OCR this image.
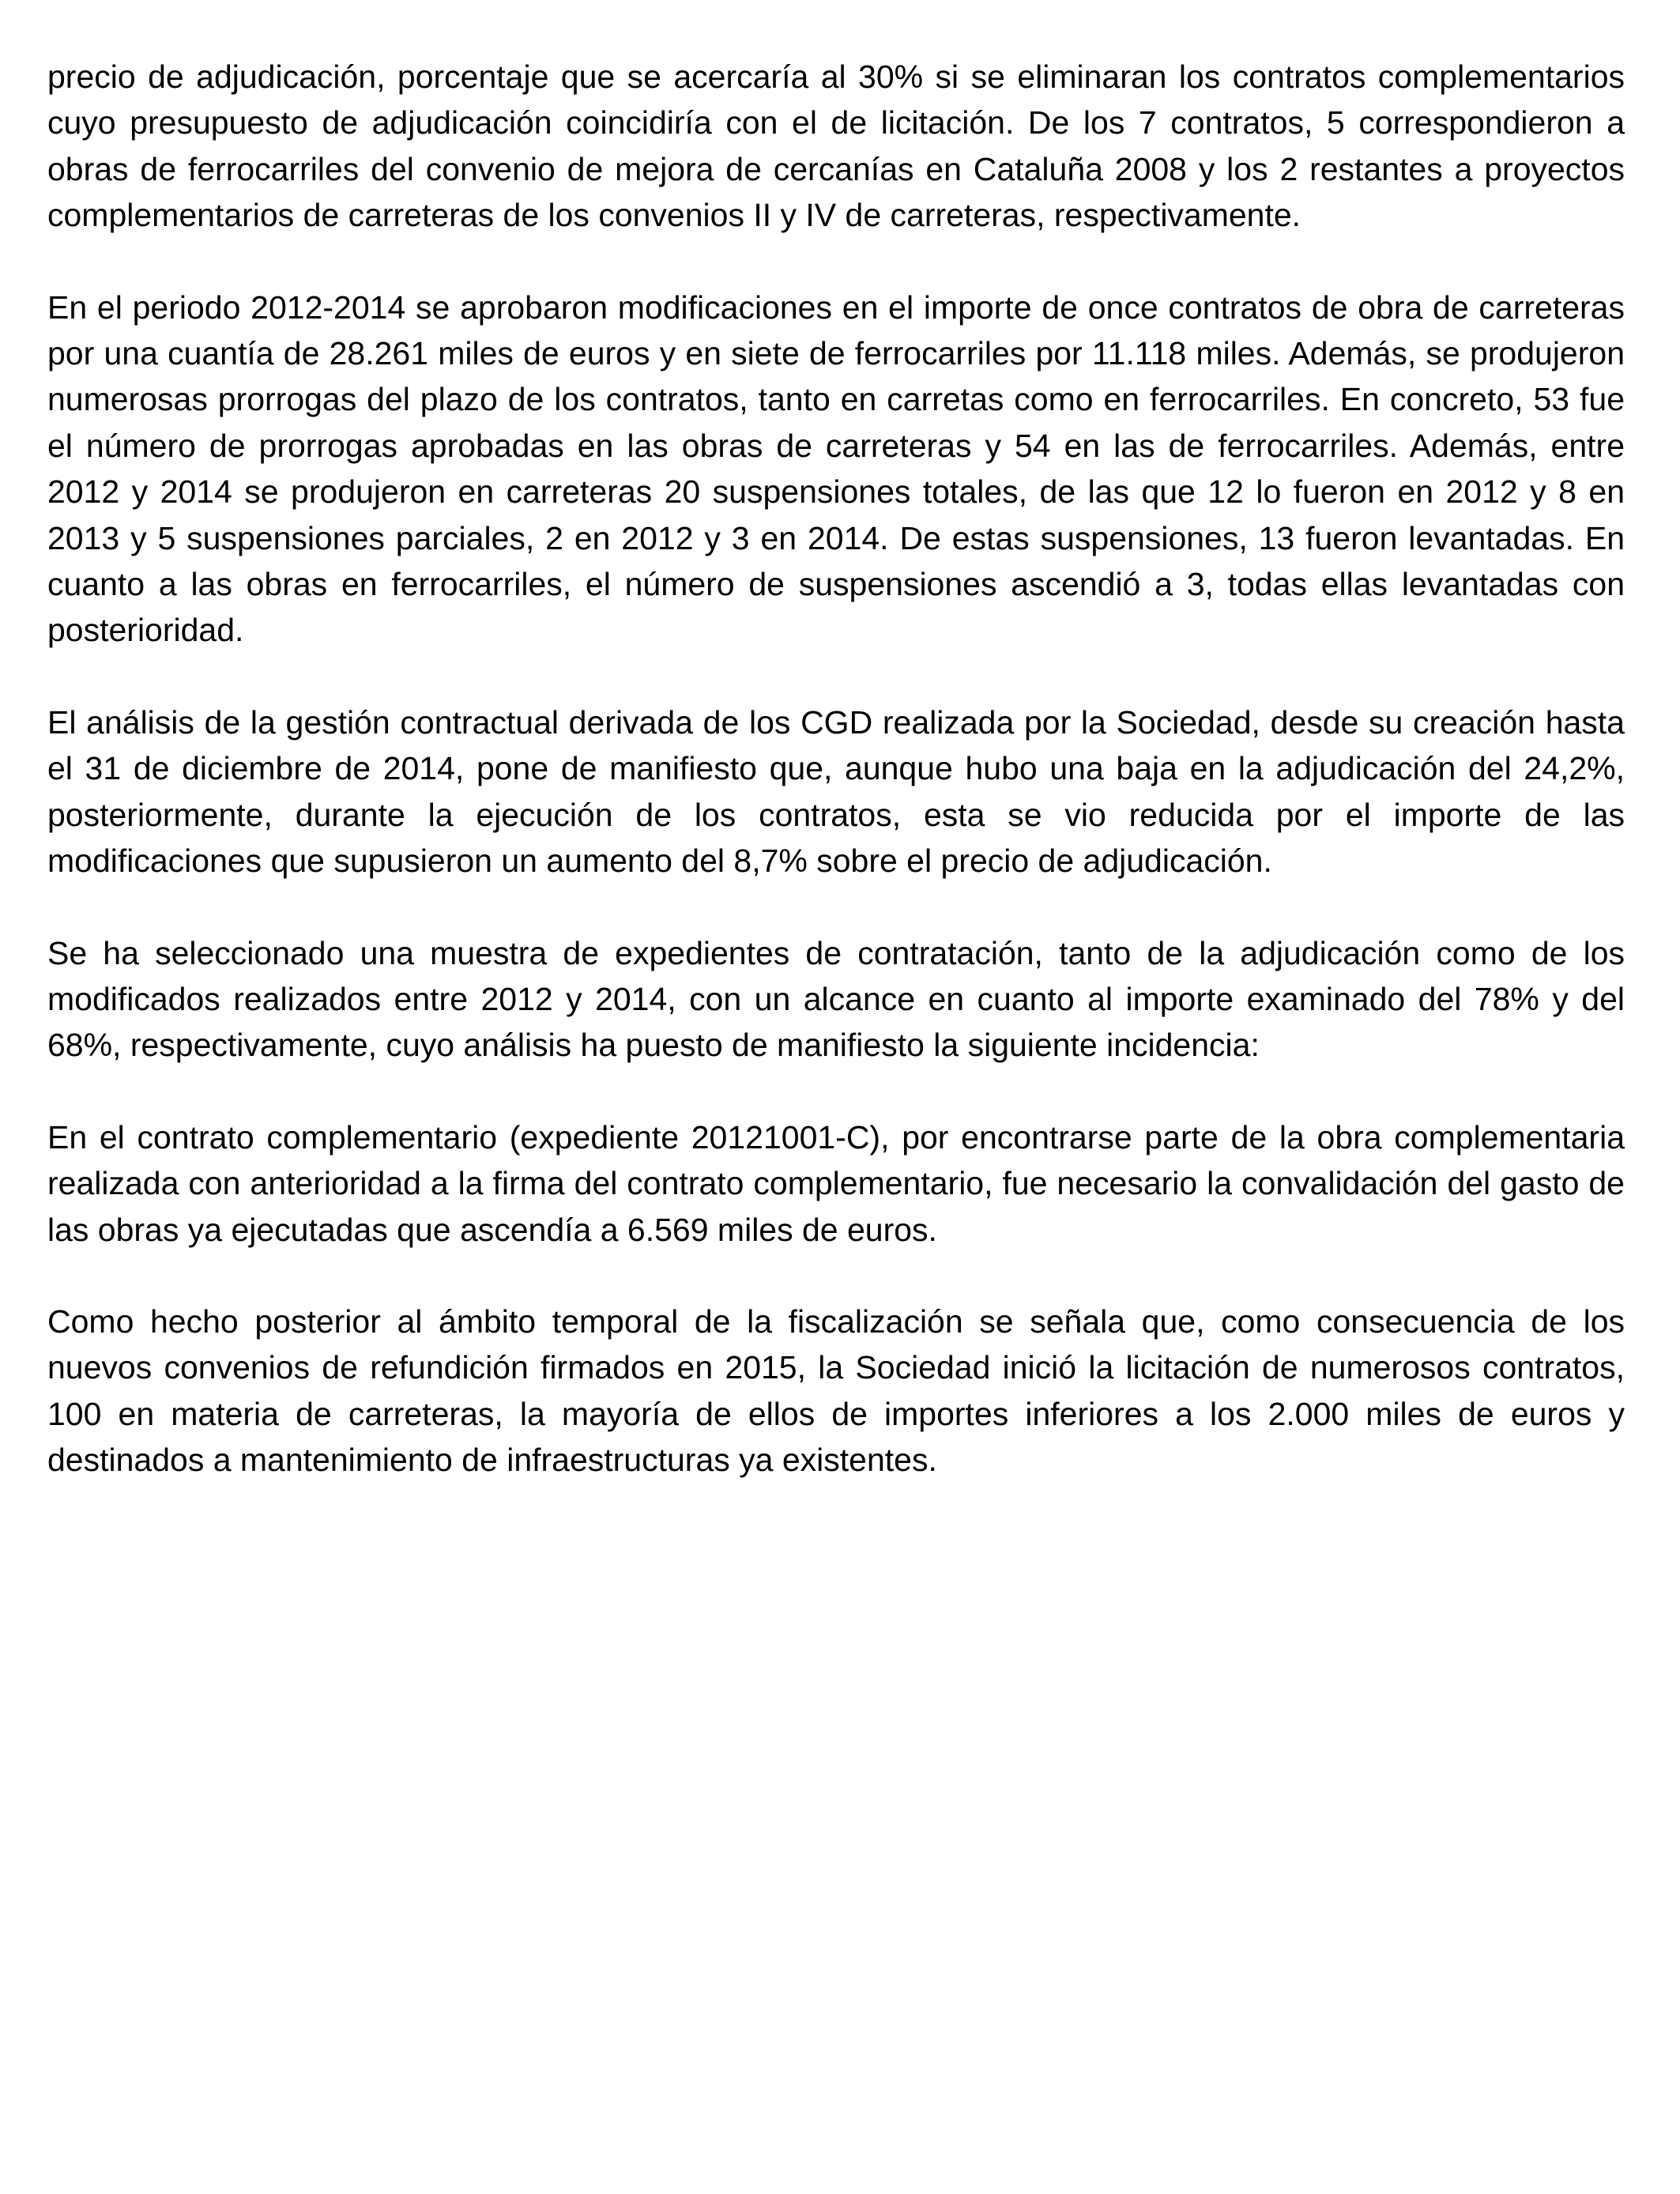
precio de adjudicación, porcentaje que se acercaría al 30% si se eliminaran los contratos complementarios cuyo presupuesto de adjudicación coincidiría con el de licitación. De los 7 contratos, 5 correspondieron a obras de ferrocarriles del convenio de mejora de cercanías en Cataluña 2008 y los 2 restantes a proyectos complementarios de carreteras de los convenios II y IV de carreteras, respectivamente.

En el periodo 2012-2014 se aprobaron modificaciones en el importe de once contratos de obra de carreteras por una cuantía de 28.261 miles de euros y en siete de ferrocarriles por 11.118 miles. Además, se produjeron numerosas prorrogas del plazo de los contratos, tanto en carretas como en ferrocarriles. En concreto, 53 fue el número de prorrogas aprobadas en las obras de carreteras y 54 en las de ferrocarriles. Además, entre 2012 y 2014 se produjeron en carreteras 20 suspensiones totales, de las que 12 lo fueron en 2012 y 8 en 2013 y 5 suspensiones parciales, 2 en 2012 y 3 en 2014. De estas suspensiones, 13 fueron levantadas. En cuanto a las obras en ferrocarriles, el número de suspensiones ascendió a 3, todas ellas levantadas con posterioridad.

El análisis de la gestión contractual derivada de los CGD realizada por la Sociedad, desde su creación hasta el 31 de diciembre de 2014, pone de manifiesto que, aunque hubo una baja en la adjudicación del 24,2%, posteriormente, durante la ejecución de los contratos, esta se vio reducida por el importe de las modificaciones que supusieron un aumento del 8,7% sobre el precio de adjudicación.

Se ha seleccionado una muestra de expedientes de contratación, tanto de la adjudicación como de los modificados realizados entre 2012 y 2014, con un alcance en cuanto al importe examinado del 78% y del 68%, respectivamente, cuyo análisis ha puesto de manifiesto la siguiente incidencia:

En el contrato complementario (expediente 20121001-C), por encontrarse parte de la obra complementaria realizada con anterioridad a la firma del contrato complementario, fue necesario la convalidación del gasto de las obras ya ejecutadas que ascendía a 6.569 miles de euros.

Como hecho posterior al ámbito temporal de la fiscalización se señala que, como consecuencia de los nuevos convenios de refundición firmados en 2015, la Sociedad inició la licitación de numerosos contratos, 100 en materia de carreteras, la mayoría de ellos de importes inferiores a los 2.000 miles de euros y destinados a mantenimiento de infraestructuras ya existentes.
